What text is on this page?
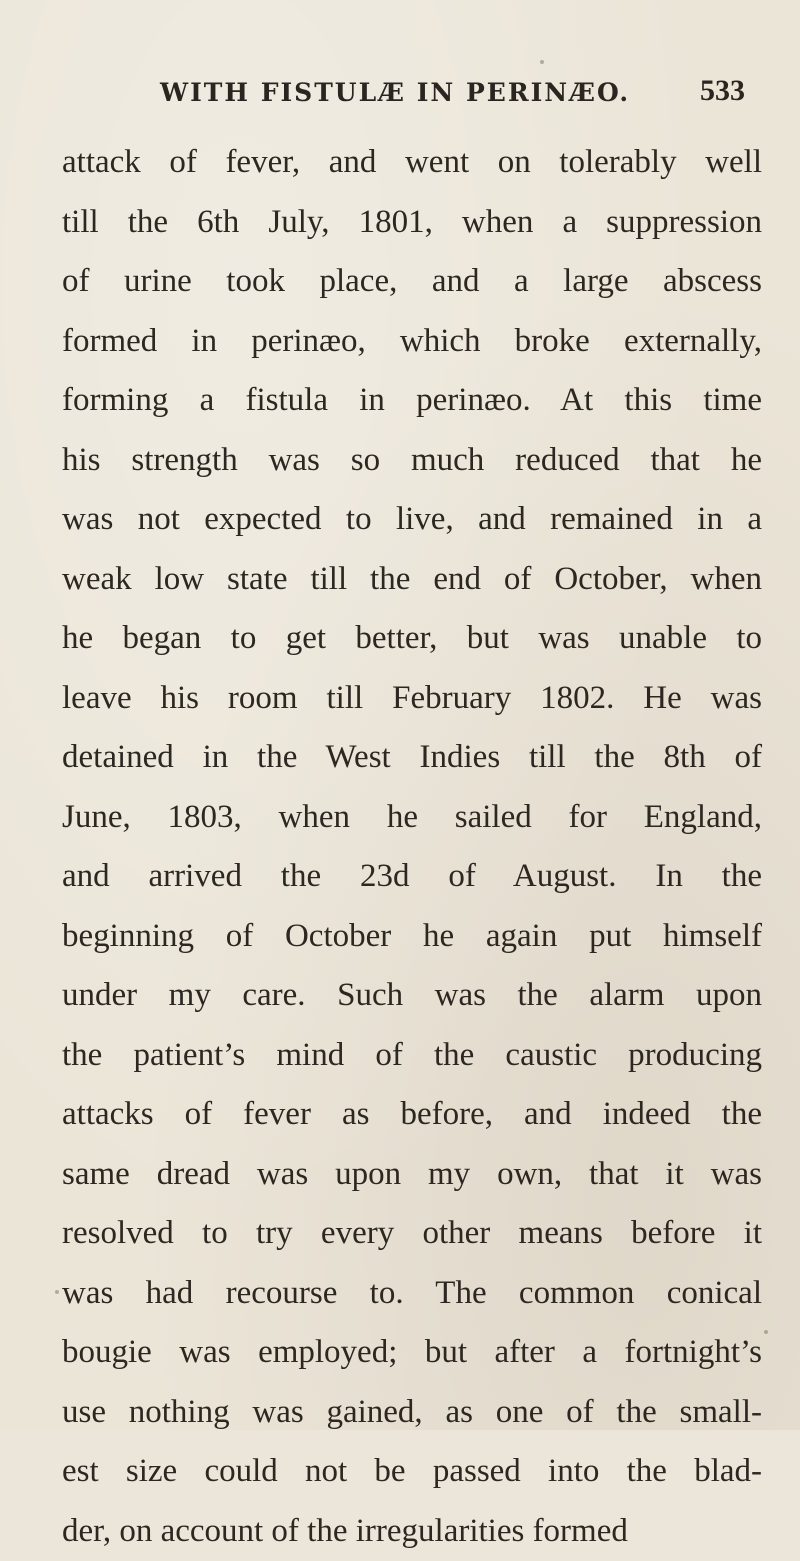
WITH FISTULÆ IN PERINÆO.	533
attack of fever, and went on tolerably well
till the 6th July, 1801, when a suppression
of urine took place, and a large abscess
formed in perinæo, which broke externally,
forming a fistula in perinæo. At this time
his strength was so much reduced that he
was not expected to live, and remained in a
weak low state till the end of October, when
he began to get better, but was unable to
leave his room till February 1802. He was
detained in the West Indies till the 8th of
June, 1803, when he sailed for England,
and arrived the 23d of August. In the
beginning of October he again put himself
under my care. Such was the alarm upon
the patient’s mind of the caustic producing
attacks of fever as before, and indeed the
same dread was upon my own, that it was
resolved to try every other means before it
was had recourse to. The common conical
bougie was employed; but after a fortnight’s
use nothing was gained, as one of the small-
est size could not be passed into the blad-
der, on account of the irregularities formed
